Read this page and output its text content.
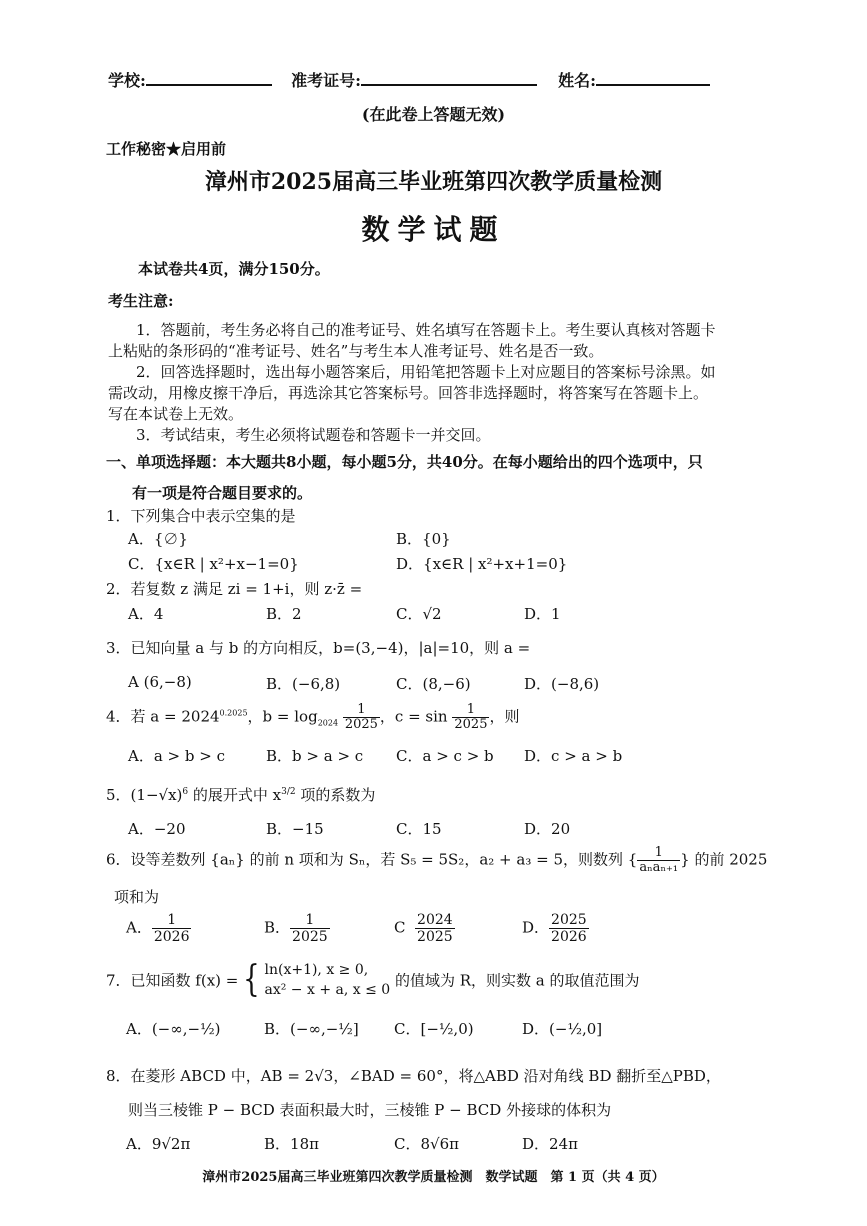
学校:	准考证号:	姓名:
(在此卷上答题无效)
工作秘密★启用前
漳州市2025届高三毕业班第四次教学质量检测
数学试题
本试卷共4页，满分150分。
考生注意:
1．答题前，考生务必将自己的准考证号、姓名填写在答题卡上。考生要认真核对答题卡
上粘贴的条形码的“准考证号、姓名”与考生本人准考证号、姓名是否一致。
2．回答选择题时，选出每小题答案后，用铅笔把答题卡上对应题目的答案标号涂黑。如
需改动，用橡皮擦干净后，再选涂其它答案标号。回答非选择题时，将答案写在答题卡上。
写在本试卷上无效。
3．考试结束，考生必须将试题卷和答题卡一并交回。
一、单项选择题：本大题共8小题，每小题5分，共40分。在每小题给出的四个选项中，只
有一项是符合题目要求的。
1．下列集合中表示空集的是
A．{∅}	B．{0}
C．{x∈R | x²+x−1=0}	D．{x∈R | x²+x+1=0}
2．若复数 z 满足 zi = 1+i，则 z·z̄ =
A．4	B．2	C．√2	D．1
3．已知向量 a 与 b 的方向相反，b=(3,−4)，|a|=10，则 a =
A (6,−8)	B．(−6,8)	C．(8,−6)	D．(−8,6)
4．若 $a = 2024^{0.2025}$，$b = \log_{2024} \frac{1}{2025}$ ，$c = \sin \frac{1}{2025}$ ，则
A．a > b > c	B．b > a > c C．a > c > b D．c > a > b
5．$(1-√x)^6$ 的展开式中 $x^{3/2}$ 项的系数为
A．−20	B．−15	C．15	D．20
6．设等差数列 {aₙ} 的前 n 项和为 Sₙ，若 S₅ = 5S₂，a₂ + a₃ = 5，则数列 { $\frac{1}{\text{aₙaₙ₊₁}}$ } 的前 2025
项和为
A． $\frac{1}{2026}$	B． $\frac{1}{2025}$	C $\frac{2024}{2025}$	D． $\frac{2025}{2026}$
7．已知函数 f(x) = { ln(x+1), x ≥ 0,
ax² − x + a, x ≤ 0
的值域为 R，则实数 a 的取值范围为
A．(−∞,−½)	B．(−∞,−½] C．[−½,0)	D．(−½,0]
8．在菱形 ABCD 中，AB = 2√3，∠BAD = 60°，将△ABD 沿对角线 BD 翻折至△PBD，
则当三棱锥 P − BCD 表面积最大时，三棱锥 P − BCD 外接球的体积为
A．9√2π	B．18π	C．8√6π	D．24π
漳州市2025届高三毕业班第四次教学质量检测　数学试题　第 1 页（共 4 页）
